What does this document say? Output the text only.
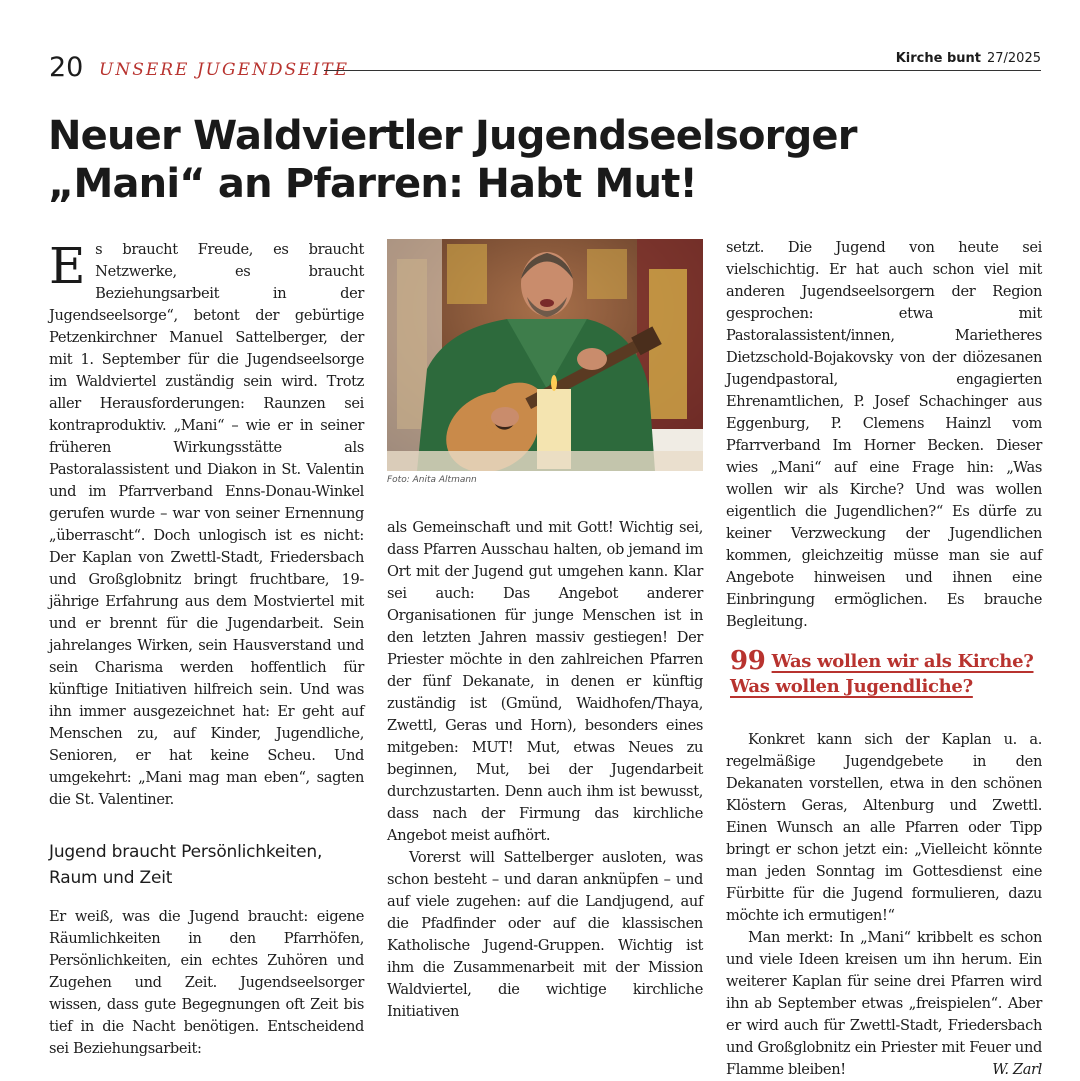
20 UNSERE JUGENDSEITE
Kirche bunt 27/2025
Neuer Waldviertler Jugendseelsorger
„Mani“ an Pfarren: Habt Mut!

Es braucht Freude, es braucht Netzwerke, es braucht Beziehungsarbeit in der Jugendseelsorge“, betont der gebürtige Petzenkirchner Manuel Sattelberger, der mit 1. September für die Jugendseelsorge im Waldviertel zuständig sein wird. Trotz aller Herausforderungen: Raunzen sei kontraproduktiv. „Mani“ – wie er in seiner früheren Wirkungsstätte als Pastoralassistent und Diakon in St. Valentin und im Pfarrverband Enns-Donau-Winkel gerufen wurde – war von seiner Ernennung „überrascht“. Doch unlogisch ist es nicht: Der Kaplan von Zwettl-Stadt, Friedersbach und Großglobnitz bringt fruchtbare, 19-jährige Erfahrung aus dem Mostviertel mit und er brennt für die Jugendarbeit. Sein jahrelanges Wirken, sein Hausverstand und sein Charisma werden hoffentlich für künftige Initiativen hilfreich sein. Und was ihn immer ausgezeichnet hat: Er geht auf Menschen zu, auf Kinder, Jugendliche, Senioren, er hat keine Scheu. Und umgekehrt: „Mani mag man eben“, sagten die St. Valentiner.

Jugend braucht Persönlichkeiten, Raum und Zeit

Er weiß, was die Jugend braucht: eigene Räumlichkeiten in den Pfarrhöfen, Persönlichkeiten, ein echtes Zuhören und Zugehen und Zeit. Jugendseelsorger wissen, dass gute Begegnungen oft Zeit bis tief in die Nacht benötigen. Entscheidend sei Beziehungsarbeit:

Foto: Anita Altmann

als Gemeinschaft und mit Gott! Wichtig sei, dass Pfarren Ausschau halten, ob jemand im Ort mit der Jugend gut umgehen kann. Klar sei auch: Das Angebot anderer Organisationen für junge Menschen ist in den letzten Jahren massiv gestiegen! Der Priester möchte in den zahlreichen Pfarren der fünf Dekanate, in denen er künftig zuständig ist (Gmünd, Waidhofen/Thaya, Zwettl, Geras und Horn), besonders eines mitgeben: MUT! Mut, etwas Neues zu beginnen, Mut, bei der Jugendarbeit durchzustarten. Denn auch ihm ist bewusst, dass nach der Firmung das kirchliche Angebot meist aufhört.

Vorerst will Sattelberger ausloten, was schon besteht – und daran anknüpfen – und auf viele zugehen: auf die Landjugend, auf die Pfadfinder oder auf die klassischen Katholische Jugend-Gruppen. Wichtig ist ihm die Zusammenarbeit mit der Mission Waldviertel, die wichtige kirchliche Initiativen

setzt. Die Jugend von heute sei vielschichtig. Er hat auch schon viel mit anderen Jugendseelsorgern der Region gesprochen: etwa mit Pastoralassistent/innen, Marietheres Dietzschold-Bojakovsky von der diözesanen Jugendpastoral, engagierten Ehrenamtlichen, P. Josef Schachinger aus Eggenburg, P. Clemens Hainzl vom Pfarrverband Im Horner Becken. Dieser wies „Mani“ auf eine Frage hin: „Was wollen wir als Kirche? Und was wollen eigentlich die Jugendlichen?“ Es dürfe zu keiner Verzweckung der Jugendlichen kommen, gleichzeitig müsse man sie auf Angebote hinweisen und ihnen eine Einbringung ermöglichen. Es brauche Begleitung.

99 Was wollen wir als Kirche? Was wollen Jugendliche?

Konkret kann sich der Kaplan u. a. regelmäßige Jugendgebete in den Dekanaten vorstellen, etwa in den schönen Klöstern Geras, Altenburg und Zwettl. Einen Wunsch an alle Pfarren oder Tipp bringt er schon jetzt ein: „Vielleicht könnte man jeden Sonntag im Gottesdienst eine Fürbitte für die Jugend formulieren, dazu möchte ich ermutigen!“

Man merkt: In „Mani“ kribbelt es schon und viele Ideen kreisen um ihn herum. Ein weiterer Kaplan für seine drei Pfarren wird ihn ab September etwas „freispielen“. Aber er wird auch für Zwettl-Stadt, Friedersbach und Großglobnitz ein Priester mit Feuer und Flamme bleiben!	W. Zarl
